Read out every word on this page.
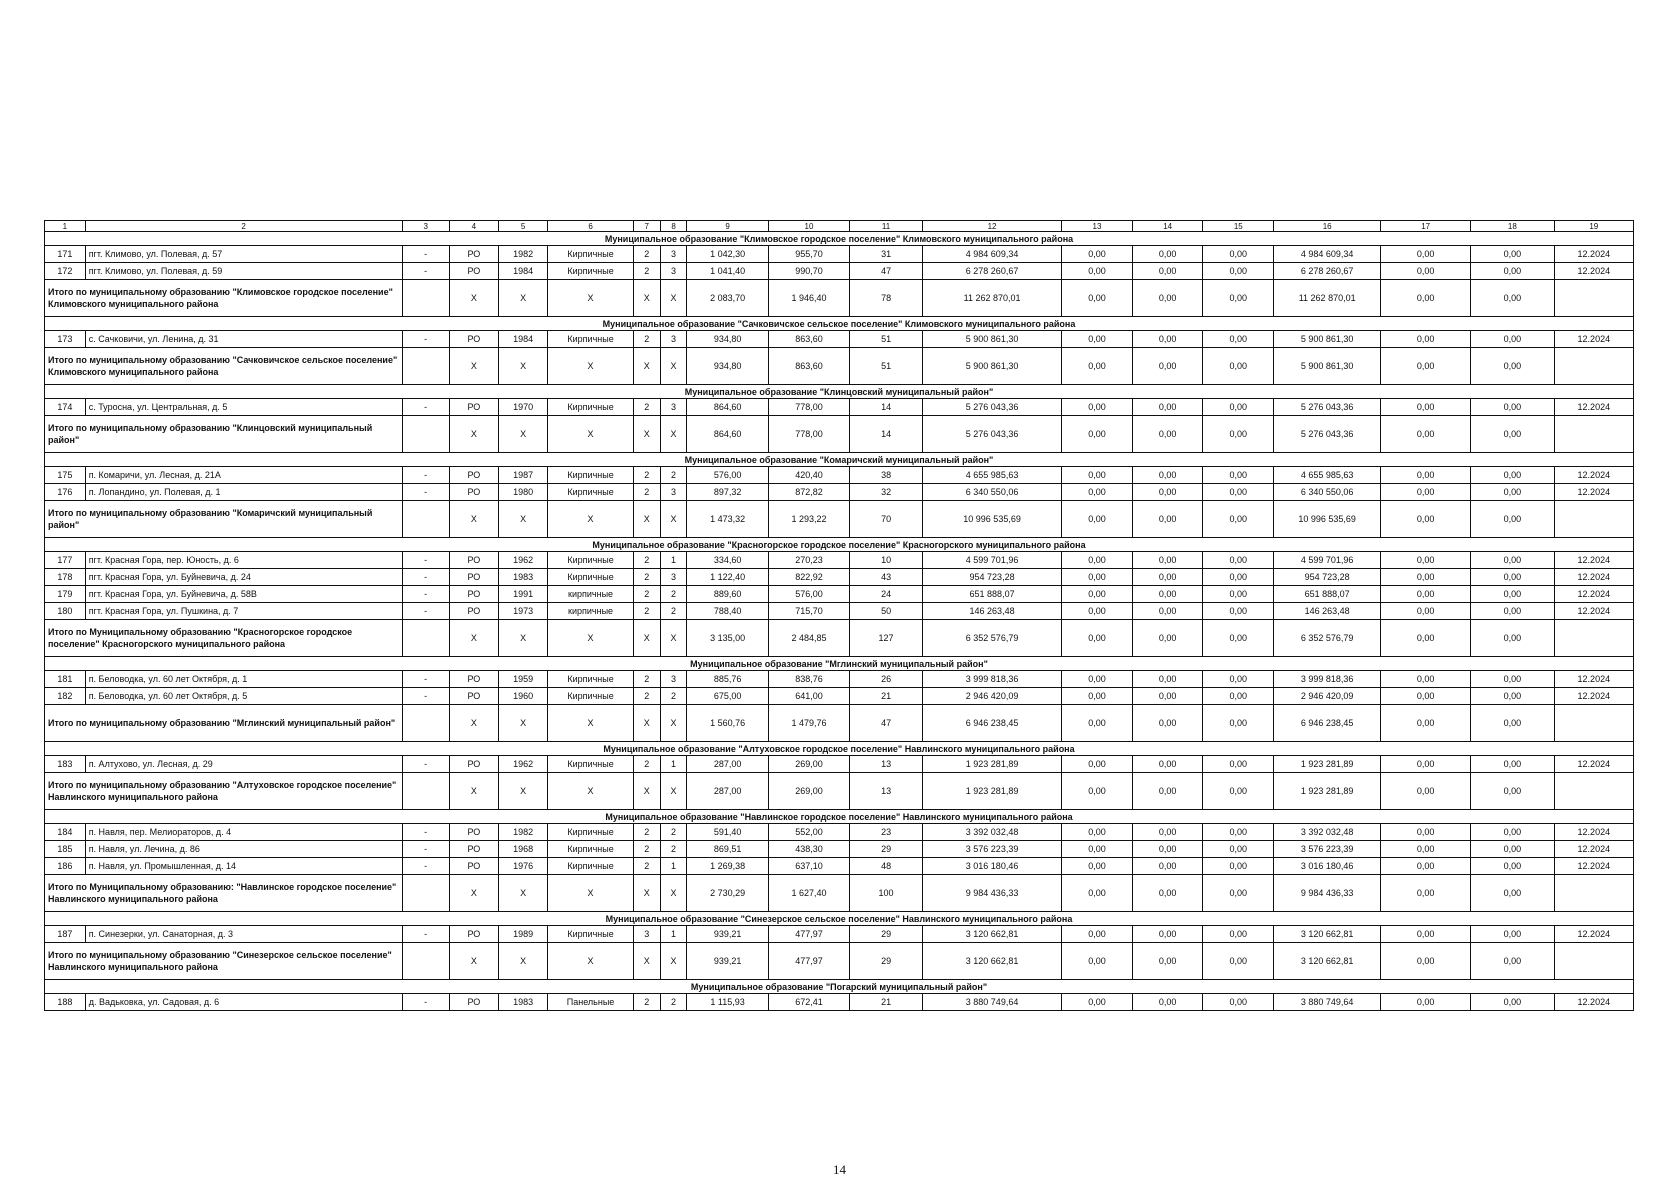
1	2	3	4	5	6	7	8	9	10	11	12	13	14	15	16	17	18	19
Муниципальное образование "Климовское городское поселение" Климовского муниципального района																		
171	пгт. Климово, ул. Полевая, д. 57	-	РО	1982	Кирпичные	2	3	1 042,30	955,70	31	4 984 609,34	0,00	0,00	0,00	4 984 609,34	0,00	0,00	12.2024
172	пгт. Климово, ул. Полевая, д. 59	-	РО	1984	Кирпичные	2	3	1 041,40	990,70	47	6 278 260,67	0,00	0,00	0,00	6 278 260,67	0,00	0,00	12.2024
Итого по муниципальному образованию "Климовское городское поселение" Климовского муниципального района			Х	Х	Х	Х	Х	2 083,70	1 946,40	78	11 262 870,01	0,00	0,00	0,00	11 262 870,01	0,00	0,00	
Муниципальное образование "Сачковичское сельское поселение" Климовского муниципального района																		
173	с. Сачковичи, ул. Ленина, д. 31	-	РО	1984	Кирпичные	2	3	934,80	863,60	51	5 900 861,30	0,00	0,00	0,00	5 900 861,30	0,00	0,00	12.2024
Итого по муниципальному образованию "Сачковичское сельское поселение" Климовского муниципального района			Х	Х	Х	Х	Х	934,80	863,60	51	5 900 861,30	0,00	0,00	0,00	5 900 861,30	0,00	0,00	
Муниципальное образование "Клинцовский муниципальный район"																		
174	с. Туросна, ул. Центральная, д. 5	-	РО	1970	Кирпичные	2	3	864,60	778,00	14	5 276 043,36	0,00	0,00	0,00	5 276 043,36	0,00	0,00	12.2024
Итого по муниципальному образованию "Клинцовский муниципальный район"			Х	Х	Х	Х	Х	864,60	778,00	14	5 276 043,36	0,00	0,00	0,00	5 276 043,36	0,00	0,00	
Муниципальное образование "Комаричский муниципальный район"																		
175	п. Комаричи, ул. Лесная, д. 21А	-	РО	1987	Кирпичные	2	2	576,00	420,40	38	4 655 985,63	0,00	0,00	0,00	4 655 985,63	0,00	0,00	12.2024
176	п. Лопандино, ул. Полевая, д. 1	-	РО	1980	Кирпичные	2	3	897,32	872,82	32	6 340 550,06	0,00	0,00	0,00	6 340 550,06	0,00	0,00	12.2024
Итого по муниципальному образованию "Комаричский муниципальный район"			Х	Х	Х	Х	Х	1 473,32	1 293,22	70	10 996 535,69	0,00	0,00	0,00	10 996 535,69	0,00	0,00	
Муниципальное образование "Красногорское городское поселение" Красногорского муниципального района																		
177	пгт. Красная Гора, пер. Юность, д. 6	-	РО	1962	Кирпичные	2	1	334,60	270,23	10	4 599 701,96	0,00	0,00	0,00	4 599 701,96	0,00	0,00	12.2024
178	пгт. Красная Гора, ул. Буйневича, д. 24	-	РО	1983	Кирпичные	2	3	1 122,40	822,92	43	954 723,28	0,00	0,00	0,00	954 723,28	0,00	0,00	12.2024
179	пгт. Красная Гора, ул. Буйневича, д. 58В	-	РО	1991	кирпичные	2	2	889,60	576,00	24	651 888,07	0,00	0,00	0,00	651 888,07	0,00	0,00	12.2024
180	пгт. Красная Гора, ул. Пушкина, д. 7	-	РО	1973	кирпичные	2	2	788,40	715,70	50	146 263,48	0,00	0,00	0,00	146 263,48	0,00	0,00	12.2024
Итого по Муниципальному образованию "Красногорское городское поселение" Красногорского муниципального района			Х	Х	Х	Х	Х	3 135,00	2 484,85	127	6 352 576,79	0,00	0,00	0,00	6 352 576,79	0,00	0,00	
Муниципальное образование "Мглинский муниципальный район"																		
181	п. Беловодка, ул. 60 лет Октября, д. 1	-	РО	1959	Кирпичные	2	3	885,76	838,76	26	3 999 818,36	0,00	0,00	0,00	3 999 818,36	0,00	0,00	12.2024
182	п. Беловодка, ул. 60 лет Октября, д. 5	-	РО	1960	Кирпичные	2	2	675,00	641,00	21	2 946 420,09	0,00	0,00	0,00	2 946 420,09	0,00	0,00	12.2024
Итого по муниципальному образованию "Мглинский муниципальный район"			Х	Х	Х	Х	Х	1 560,76	1 479,76	47	6 946 238,45	0,00	0,00	0,00	6 946 238,45	0,00	0,00	
Муниципальное образование "Алтуховское городское поселение" Навлинского муниципального района																		
183	п. Алтухово, ул. Лесная, д. 29	-	РО	1962	Кирпичные	2	1	287,00	269,00	13	1 923 281,89	0,00	0,00	0,00	1 923 281,89	0,00	0,00	12.2024
Итого по муниципальному образованию "Алтуховское городское поселение" Навлинского муниципального района			Х	Х	Х	Х	Х	287,00	269,00	13	1 923 281,89	0,00	0,00	0,00	1 923 281,89	0,00	0,00	
Муниципальное образование "Навлинское городское поселение" Навлинского муниципального района																		
184	п. Навля, пер. Мелиораторов, д. 4	-	РО	1982	Кирпичные	2	2	591,40	552,00	23	3 392 032,48	0,00	0,00	0,00	3 392 032,48	0,00	0,00	12.2024
185	п. Навля, ул. Лечина, д. 86	-	РО	1968	Кирпичные	2	2	869,51	438,30	29	3 576 223,39	0,00	0,00	0,00	3 576 223,39	0,00	0,00	12.2024
186	п. Навля, ул. Промышленная, д. 14	-	РО	1976	Кирпичные	2	1	1 269,38	637,10	48	3 016 180,46	0,00	0,00	0,00	3 016 180,46	0,00	0,00	12.2024
Итого по Муниципальному образованию: "Навлинское городское поселение" Навлинского муниципального района			Х	Х	Х	Х	Х	2 730,29	1 627,40	100	9 984 436,33	0,00	0,00	0,00	9 984 436,33	0,00	0,00	
Муниципальное образование "Синезерское сельское поселение" Навлинского муниципального района																		
187	п. Синезерки, ул. Санаторная, д. 3	-	РО	1989	Кирпичные	3	1	939,21	477,97	29	3 120 662,81	0,00	0,00	0,00	3 120 662,81	0,00	0,00	12.2024
Итого по муниципальному образованию "Синезерское сельское поселение" Навлинского муниципального района			Х	Х	Х	Х	Х	939,21	477,97	29	3 120 662,81	0,00	0,00	0,00	3 120 662,81	0,00	0,00	
Муниципальное образование "Погарский муниципальный район"																		
188	д. Вадьковка, ул. Садовая, д. 6	-	РО	1983	Панельные	2	2	1 115,93	672,41	21	3 880 749,64	0,00	0,00	0,00	3 880 749,64	0,00	0,00	12.2024
14
